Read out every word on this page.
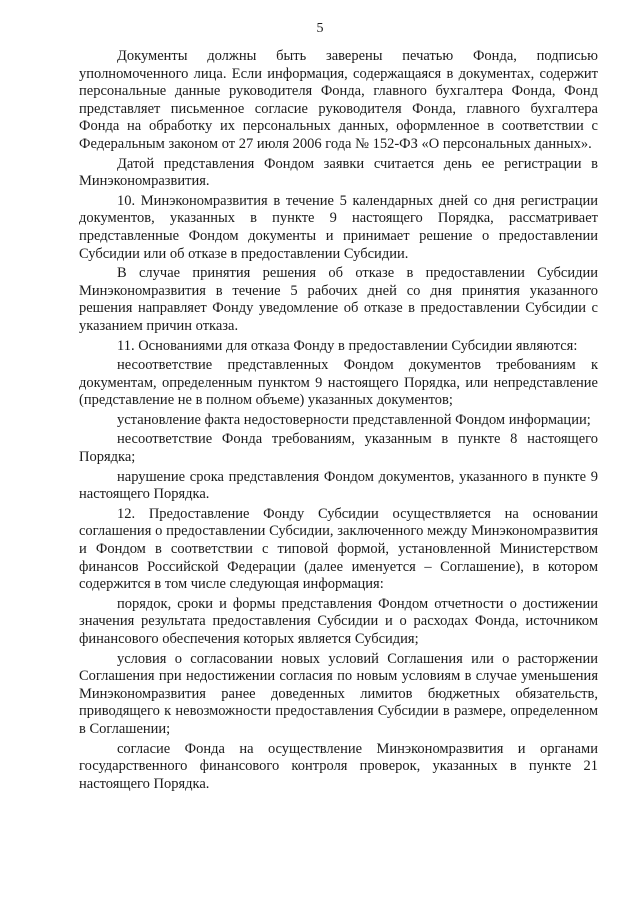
5

Документы должны быть заверены печатью Фонда, подписью уполномоченного лица. Если информация, содержащаяся в документах, содержит персональные данные руководителя Фонда, главного бухгалтера Фонда, Фонд представляет письменное согласие руководителя Фонда, главного бухгалтера Фонда на обработку их персональных данных, оформленное в соответствии с Федеральным законом от 27 июля 2006 года № 152-ФЗ «О персональных данных».

Датой представления Фондом заявки считается день ее регистрации в Минэкономразвития.

10. Минэкономразвития в течение 5 календарных дней со дня регистрации документов, указанных в пункте 9 настоящего Порядка, рассматривает представленные Фондом документы и принимает решение о предоставлении Субсидии или об отказе в предоставлении Субсидии.

В случае принятия решения об отказе в предоставлении Субсидии Минэкономразвития в течение 5 рабочих дней со дня принятия указанного решения направляет Фонду уведомление об отказе в предоставлении Субсидии с указанием причин отказа.

11. Основаниями для отказа Фонду в предоставлении Субсидии являются:

несоответствие представленных Фондом документов требованиям к документам, определенным пунктом 9 настоящего Порядка, или непредставление (представление не в полном объеме) указанных документов;

установление факта недостоверности представленной Фондом информации;

несоответствие Фонда требованиям, указанным в пункте 8 настоящего Порядка;

нарушение срока представления Фондом документов, указанного в пункте 9 настоящего Порядка.

12. Предоставление Фонду Субсидии осуществляется на основании соглашения о предоставлении Субсидии, заключенного между Минэкономразвития и Фондом в соответствии с типовой формой, установленной Министерством финансов Российской Федерации (далее именуется – Соглашение), в котором содержится в том числе следующая информация:

порядок, сроки и формы представления Фондом отчетности о достижении значения результата предоставления Субсидии и о расходах Фонда, источником финансового обеспечения которых является Субсидия;

условия о согласовании новых условий Соглашения или о расторжении Соглашения при недостижении согласия по новым условиям в случае уменьшения Минэкономразвития ранее доведенных лимитов бюджетных обязательств, приводящего к невозможности предоставления Субсидии в размере, определенном в Соглашении;

согласие Фонда на осуществление Минэкономразвития и органами государственного финансового контроля проверок, указанных в пункте 21 настоящего Порядка.
